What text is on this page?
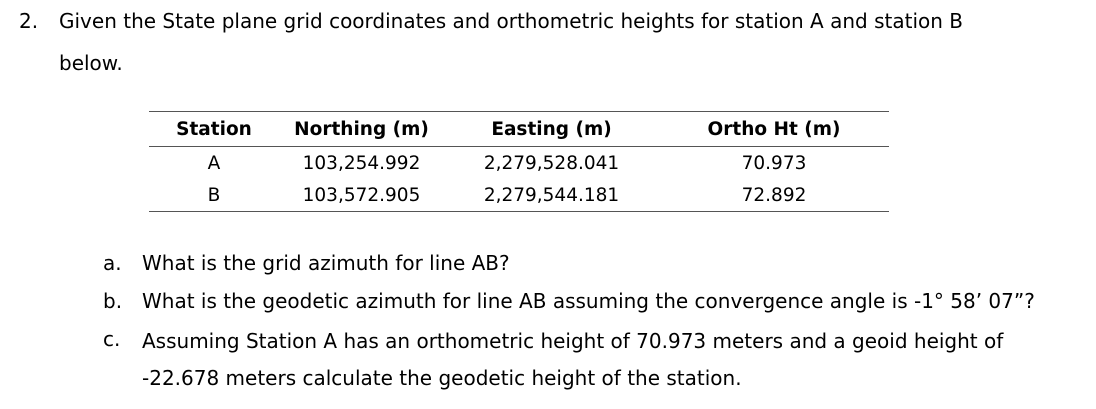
2. Given the State plane grid coordinates and orthometric heights for station A and station B
below.
Station	Northing (m)	Easting (m)	Ortho Ht (m)
A	103,254.992	2,279,528.041	70.973
B	103,572.905	2,279,544.181	72.892
a. What is the grid azimuth for line AB?
b. What is the geodetic azimuth for line AB assuming the convergence angle is -1° 58’ 07”?
c. Assuming Station A has an orthometric height of 70.973 meters and a geoid height of -22.678 meters calculate the geodetic height of the station.
